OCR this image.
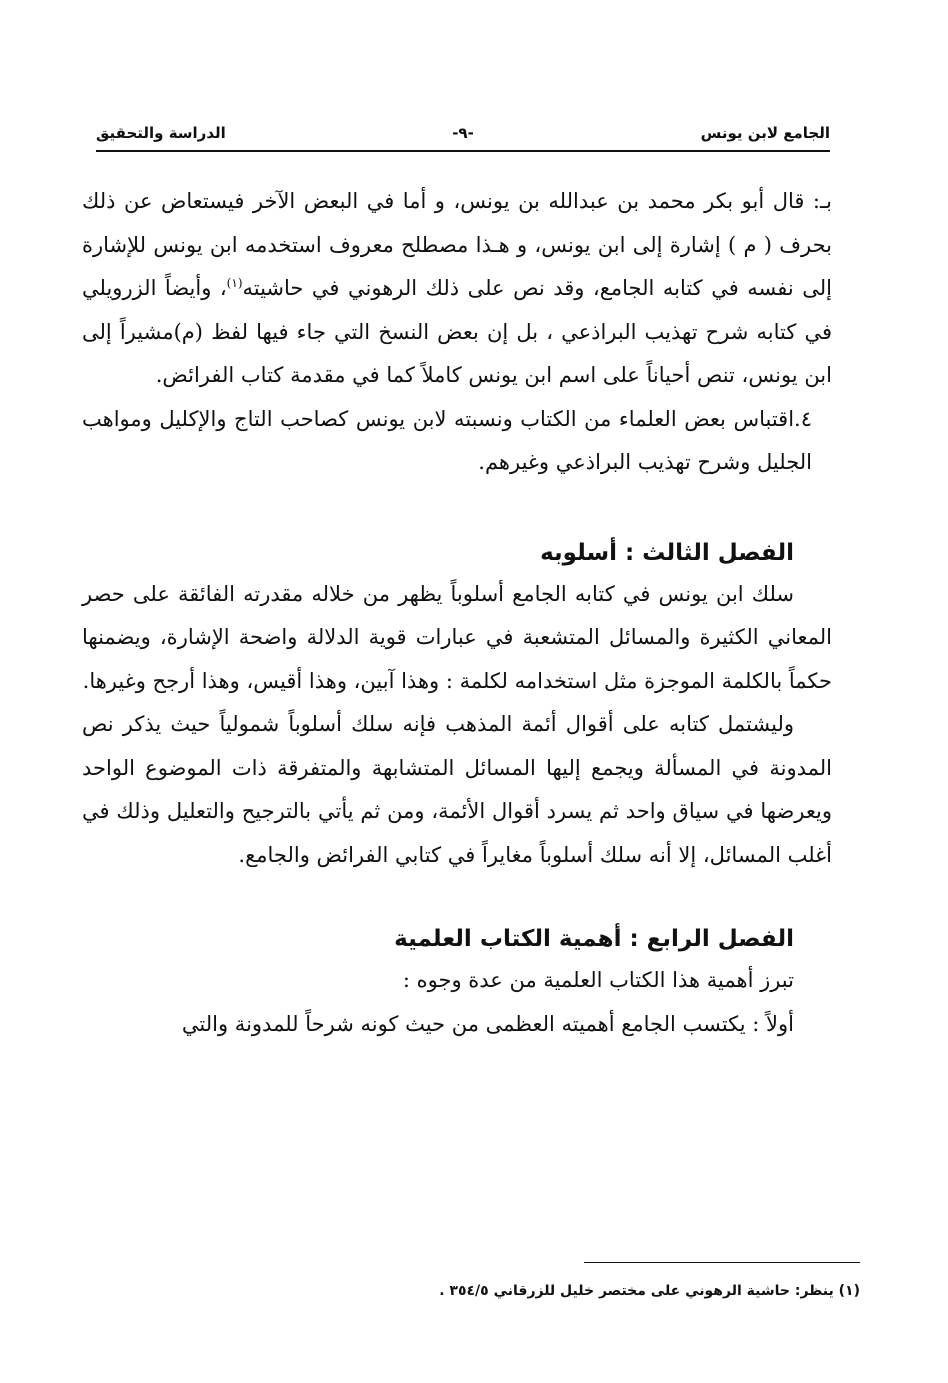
الجامع لابن يونس
-٩-
الدراسة والتحقيق

بـ: قال أبو بكر محمد بن عبدالله بن يونس، و أما في البعض الآخر فيستعاض عن ذلك بحرف ( م ) إشارة إلى ابن يونس، و هـذا مصطلح معروف استخدمه ابن يونس للإشارة إلى نفسه في كتابه الجامع، وقد نص على ذلك الرهوني في حاشيته$^{(١)}$، وأيضاً الزرويلي في كتابه شرح تهذيب البراذعي ، بل إن بعض النسخ التي جاء فيها لفظ (م)مشيراً إلى ابن يونس، تنص أحياناً على اسم ابن يونس كاملاً كما في مقدمة كتاب الفرائض.

٤.اقتباس بعض العلماء من الكتاب ونسبته لابن يونس كصاحب التاج والإكليل ومواهب الجليل وشرح تهذيب البراذعي وغيرهم.

الفصل الثالث : أسلوبه

سلك ابن يونس في كتابه الجامع أسلوباً يظهر من خلاله مقدرته الفائقة على حصر المعاني الكثيرة والمسائل المتشعبة في عبارات قوية الدلالة واضحة الإشارة، ويضمنها حكماً بالكلمة الموجزة مثل استخدامه لكلمة : وهذا آبين، وهذا أقيس، وهذا أرجح وغيرها.

وليشتمل كتابه على أقوال أئمة المذهب فإنه سلك أسلوباً شمولياً حيث يذكر نص المدونة في المسألة ويجمع إليها المسائل المتشابهة والمتفرقة ذات الموضوع الواحد ويعرضها في سياق واحد ثم يسرد أقوال الأئمة، ومن ثم يأتي بالترجيح والتعليل وذلك في أغلب المسائل، إلا أنه سلك أسلوباً مغايراً في كتابي الفرائض والجامع.

الفصل الرابع : أهمية الكتاب العلمية

تبرز أهمية هذا الكتاب العلمية من عدة وجوه :

أولاً : يكتسب الجامع أهميته العظمى من حيث كونه شرحاً للمدونة والتي

(١) ينظر: حاشية الرهوني على مختصر خليل للزرقاني ٣٥٤/٥ .
